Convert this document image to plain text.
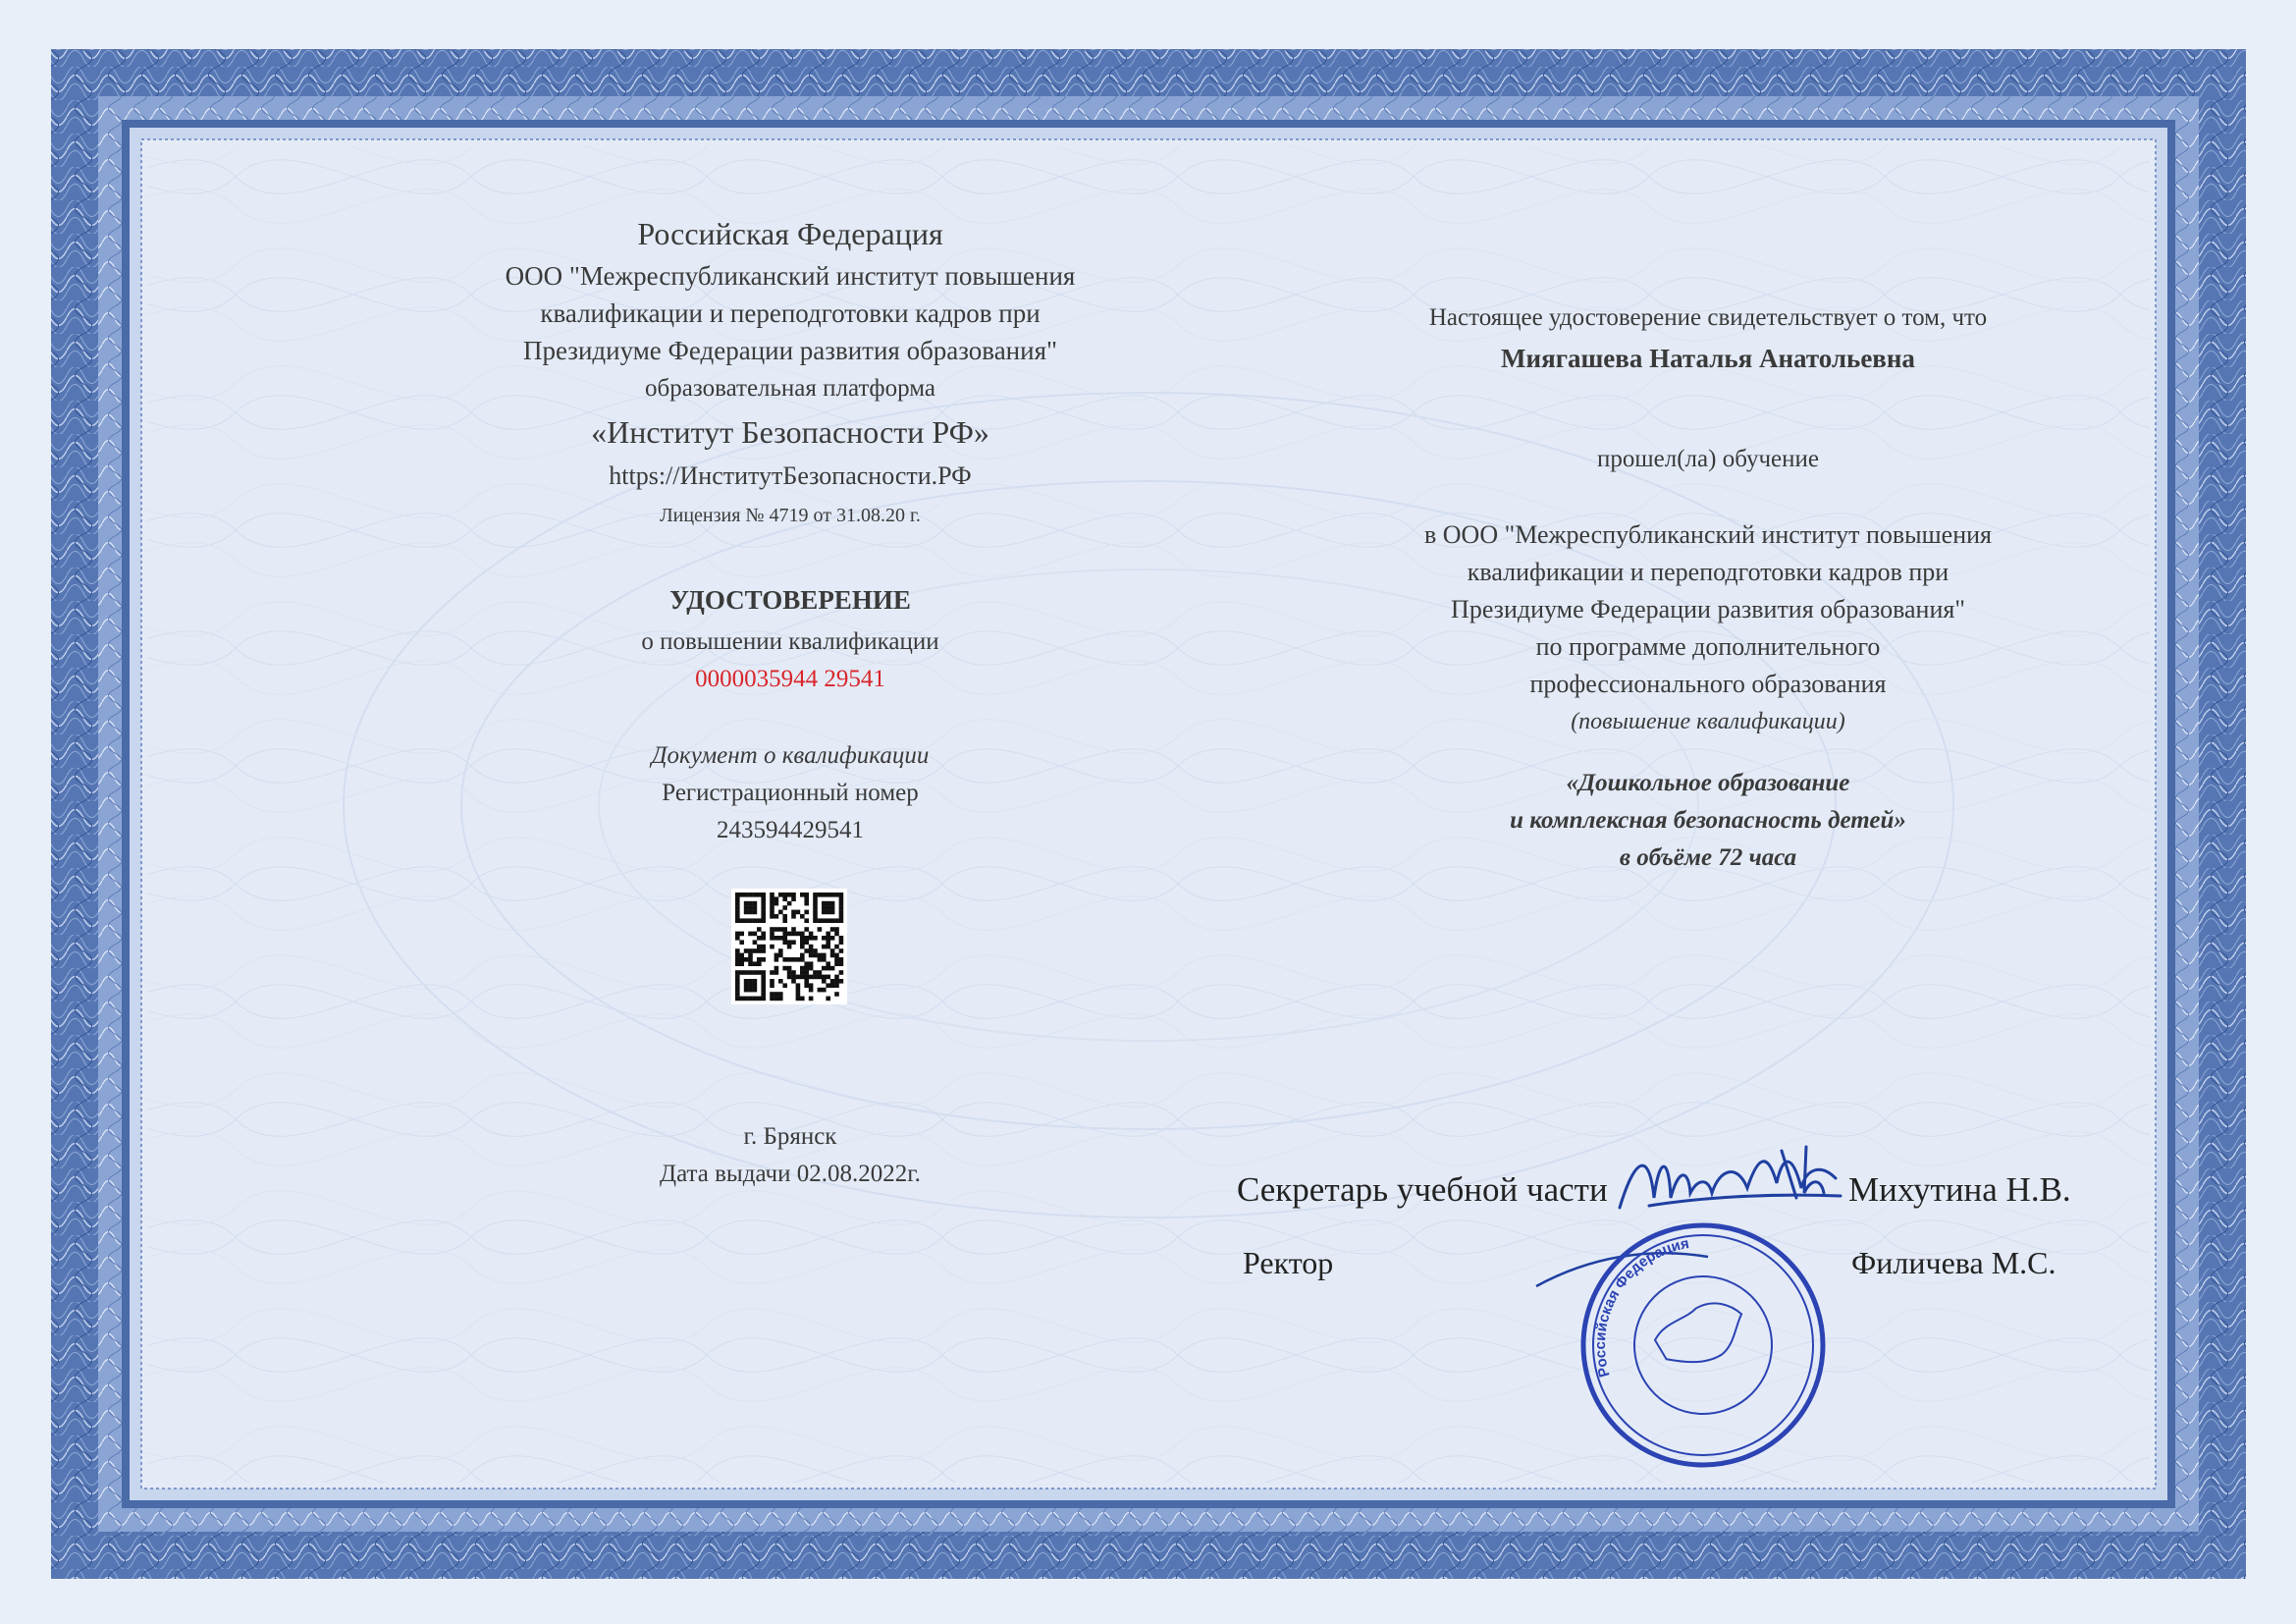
Российская Федерация
ООО "Межреспубликанский институт повышения
квалификации и переподготовки кадров при
Президиуме Федерации развития образования"
образовательная платформа
«Институт Безопасности РФ»
https://ИнститутБезопасности.РФ
Лицензия № 4719 от 31.08.20 г.
УДОСТОВЕРЕНИЕ
о повышении квалификации
0000035944 29541
Документ о квалификации
Регистрационный номер
243594429541
г. Брянск
Дата выдачи 02.08.2022г.
Настоящее удостоверение свидетельствует о том, что
Миягашева Наталья Анатольевна
прошел(ла) обучение
в ООО "Межреспубликанский институт повышения
квалификации и переподготовки кадров при
Президиуме Федерации развития образования"
по программе дополнительного
профессионального образования
(повышение квалификации)
«Дошкольное образование
и комплексная безопасность детей»
в объёме 72 часа
Секретарь учебной части	Михутина Н.В.
Ректор	Филичева М.С.
Российская Федерация
